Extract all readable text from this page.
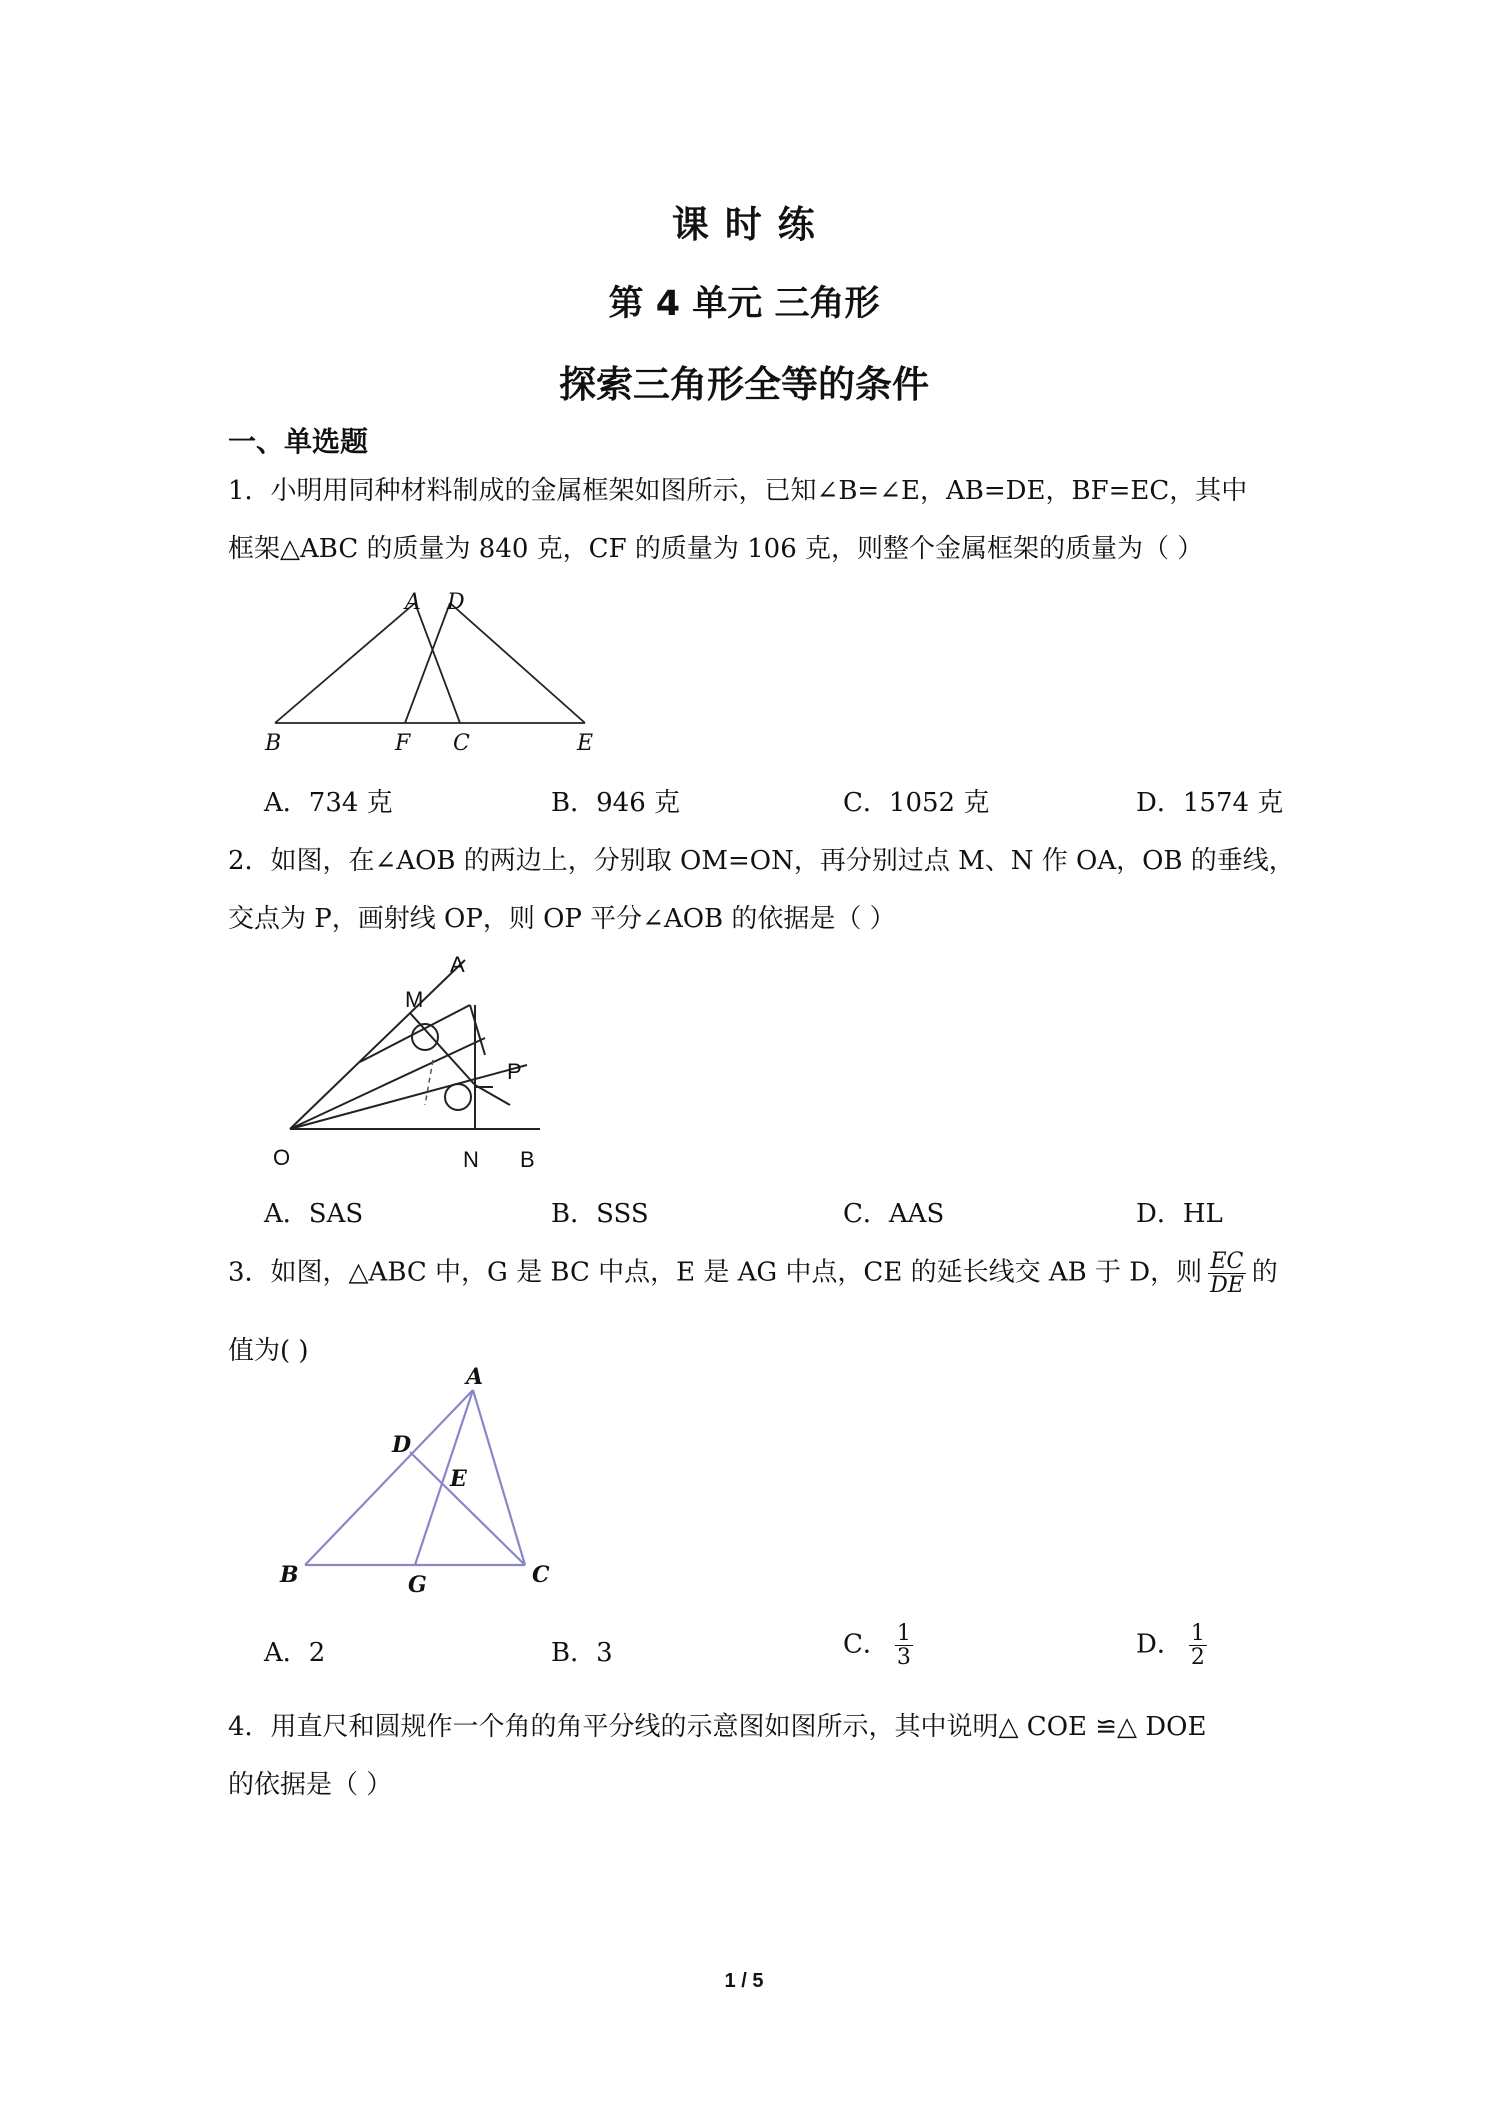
课 时 练
第 4 单元 三角形
探索三角形全等的条件
一、单选题
1．小明用同种材料制成的金属框架如图所示，已知∠B=∠E，AB=DE，BF=EC，其中
框架△ABC 的质量为 840 克，CF 的质量为 106 克，则整个金属框架的质量为（ ）
A D
B	F C	E
A．734 克	B．946 克	C．1052 克	D．1574 克
2．如图，在∠AOB 的两边上，分别取 OM=ON，再分别过点 M、N 作 OA，OB 的垂线，
交点为 P，画射线 OP，则 OP 平分∠AOB 的依据是（ ）
A
M
P
O	N B
A．SAS	B．SSS	C．AAS	D．HL
3．如图，△ABC 中，G 是 BC 中点，E 是 AG 中点，CE 的延长线交 AB 于 D，则 $\frac{EC}{DE}$ 的
值为( )
A
D
E
B	G	C
A．2	B．3	C． $\frac{1}{3}$	D． $\frac{1}{2}$
4．用直尺和圆规作一个角的角平分线的示意图如图所示，其中说明△ COE ≌△ DOE
的依据是（ ）
1 / 5
